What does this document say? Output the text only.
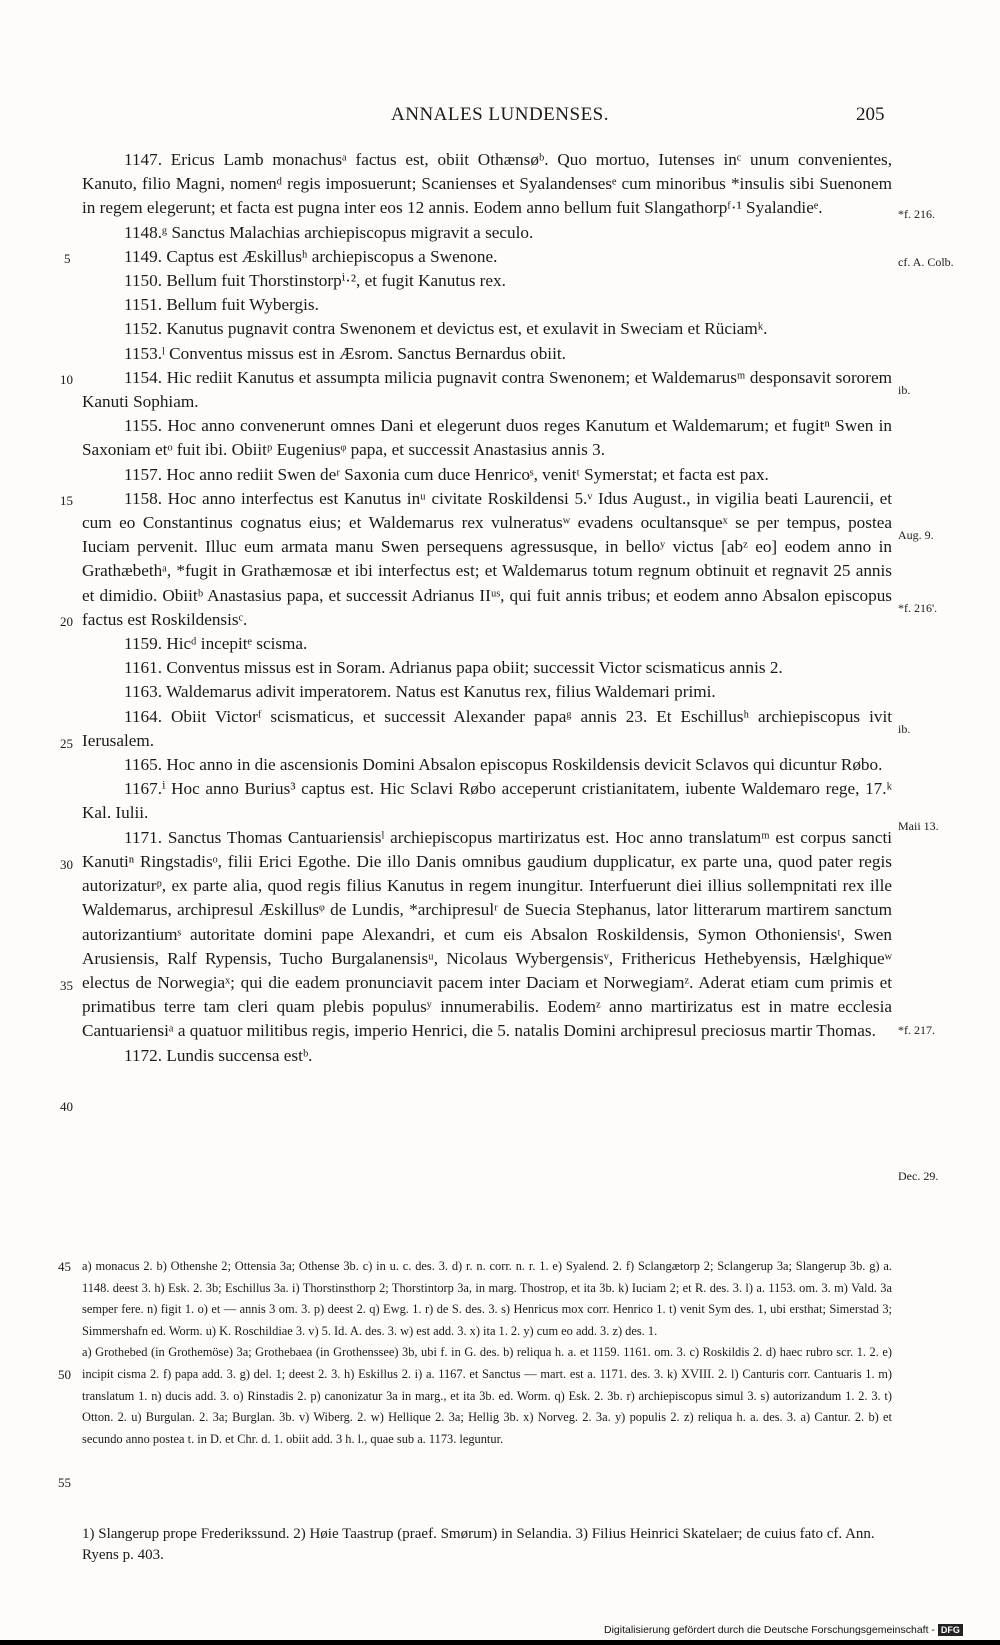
ANNALES LUNDENSES.	205

1147. Ericus Lamb monachusᵃ factus est, obiit Othænsøᵇ. Quo mortuo, Iutenses inᶜ unum convenientes, Kanuto, filio Magni, nomenᵈ regis imposuerunt; Scanienses et Syalandensesᵉ cum minoribus *insulis sibi Suenonem in regem elegerunt; et facta est pugna inter eos 12 annis. Eodem anno bellum fuit Slangathorpᶠ·¹ Syalandieᵉ.

1148.ᵍ Sanctus Malachias archiepiscopus migravit a seculo.

1149. Captus est Æskillusʰ archiepiscopus a Swenone.

1150. Bellum fuit Thorstinstorpⁱ·², et fugit Kanutus rex.

1151. Bellum fuit Wybergis.

1152. Kanutus pugnavit contra Swenonem et devictus est, et exulavit in Sweciam et Rüciamᵏ.

1153.ˡ Conventus missus est in Æsrom. Sanctus Bernardus obiit.

1154. Hic rediit Kanutus et assumpta milicia pugnavit contra Swenonem; et Waldemarusᵐ desponsavit sororem Kanuti Sophiam.

1155. Hoc anno convenerunt omnes Dani et elegerunt duos reges Kanutum et Waldemarum; et fugitⁿ Swen in Saxoniam etᵒ fuit ibi. Obiitᵖ Eugeniusᵠ papa, et successit Anastasius annis 3.

1157. Hoc anno rediit Swen deʳ Saxonia cum duce Henricoˢ, venitᵗ Symerstat; et facta est pax.

1158. Hoc anno interfectus est Kanutus inᵘ civitate Roskildensi 5.ᵛ Idus August., in vigilia beati Laurencii, et cum eo Constantinus cognatus eius; et Waldemarus rex vulneratusʷ evadens ocultansqueˣ se per tempus, postea Iuciam pervenit. Illuc eum armata manu Swen persequens agressusque, in belloʸ victus [abᶻ eo] eodem anno in Grathæbethᵃ, *fugit in Grathæmosæ et ibi interfectus est; et Waldemarus totum regnum obtinuit et regnavit 25 annis et dimidio. Obiitᵇ Anastasius papa, et successit Adrianus IIᵘˢ, qui fuit annis tribus; et eodem anno Absalon episcopus factus est Roskildensisᶜ.

1159. Hicᵈ incepitᵉ scisma.

1161. Conventus missus est in Soram. Adrianus papa obiit; successit Victor scismaticus annis 2.

1163. Waldemarus adivit imperatorem. Natus est Kanutus rex, filius Waldemari primi.

1164. Obiit Victorᶠ scismaticus, et successit Alexander papaᵍ annis 23. Et Eschillusʰ archiepiscopus ivit Ierusalem.

1165. Hoc anno in die ascensionis Domini Absalon episcopus Roskildensis devicit Sclavos qui dicuntur Røbo.

1167.ⁱ Hoc anno Burius³ captus est. Hic Sclavi Røbo acceperunt cristianitatem, iubente Waldemaro rege, 17.ᵏ Kal. Iulii.

1171. Sanctus Thomas Cantuariensisˡ archiepiscopus martirizatus est. Hoc anno translatumᵐ est corpus sancti Kanutiⁿ Ringstadisᵒ, filii Erici Egothe. Die illo Danis omnibus gaudium dupplicatur, ex parte una, quod pater regis autorizaturᵖ, ex parte alia, quod regis filius Kanutus in regem inungitur. Interfuerunt diei illius sollempnitati rex ille Waldemarus, archipresul Æskillusᵠ de Lundis, *archipresulʳ de Suecia Stephanus, lator litterarum martirem sanctum autorizantiumˢ autoritate domini pape Alexandri, et cum eis Absalon Roskildensis, Symon Othoniensisᵗ, Swen Arusiensis, Ralf Rypensis, Tucho Burgalanensisᵘ, Nicolaus Wybergensisᵛ, Frithericus Hethebyensis, Hælghiqueʷ electus de Norwegiaˣ; qui die eadem pronunciavit pacem inter Daciam et Norwegiamᶻ. Aderat etiam cum primis et primatibus terre tam cleri quam plebis populusʸ innumerabilis. Eodemᶻ anno martirizatus est in matre ecclesia Cantuariensiᵃ a quatuor militibus regis, imperio Henrici, die 5. natalis Domini archipresul preciosus martir Thomas.

1172. Lundis succensa estᵇ.

5
10
15
20
25
30
35
40
*f. 216.
cf. A. Colb.
ib.
Aug. 9.
*f. 216'.
ib.
Maii 13.
*f. 217.
Dec. 29.

a) monacus 2. b) Othenshe 2; Ottensia 3a; Othense 3b. c) in u. c. des. 3. d) r. n. corr. n. r. 1. e) Syalend. 2. f) Sclangætorp 2; Sclangerup 3a; Slangerup 3b. g) a. 1148. deest 3. h) Esk. 2. 3b; Eschillus 3a. i) Thorstinsthorp 2; Thorstintorp 3a, in marg. Thostrop, et ita 3b. k) Iuciam 2; et R. des. 3. l) a. 1153. om. 3. m) Vald. 3a semper fere. n) figit 1. o) et — annis 3 om. 3. p) deest 2. q) Ewg. 1. r) de S. des. 3. s) Henricus mox corr. Henrico 1. t) venit Sym des. 1, ubi ersthat; Simerstad 3; Simmershafn ed. Worm. u) K. Roschildiae 3. v) 5. Id. A. des. 3. w) est add. 3. x) ita 1. 2. y) cum eo add. 3. z) des. 1.

a) Grothebed (in Grothemöse) 3a; Grothebaea (in Grothenssee) 3b, ubi f. in G. des. b) reliqua h. a. et 1159. 1161. om. 3. c) Roskildis 2. d) haec rubro scr. 1. 2. e) incipit cisma 2. f) papa add. 3. g) del. 1; deest 2. 3. h) Eskillus 2. i) a. 1167. et Sanctus — mart. est a. 1171. des. 3. k) XVIII. 2. l) Canturis corr. Cantuaris 1. m) translatum 1. n) ducis add. 3. o) Rinstadis 2. p) canonizatur 3a in marg., et ita 3b. ed. Worm. q) Esk. 2. 3b. r) archiepiscopus simul 3. s) autorizandum 1. 2. 3. t) Otton. 2. u) Burgulan. 2. 3a; Burglan. 3b. v) Wiberg. 2. w) Hellique 2. 3a; Hellig 3b. x) Norveg. 2. 3a. y) populis 2. z) reliqua h. a. des. 3. a) Cantur. 2. b) et secundo anno postea t. in D. et Chr. d. 1. obiit add. 3 h. l., quae sub a. 1173. leguntur.

45
50
55

1) Slangerup prope Frederikssund. 2) Høie Taastrup (praef. Smørum) in Selandia. 3) Filius Heinrici Skatelaer; de cuius fato cf. Ann. Ryens p. 403.

Digitalisierung gefördert durch die Deutsche Forschungsgemeinschaft - DFG
